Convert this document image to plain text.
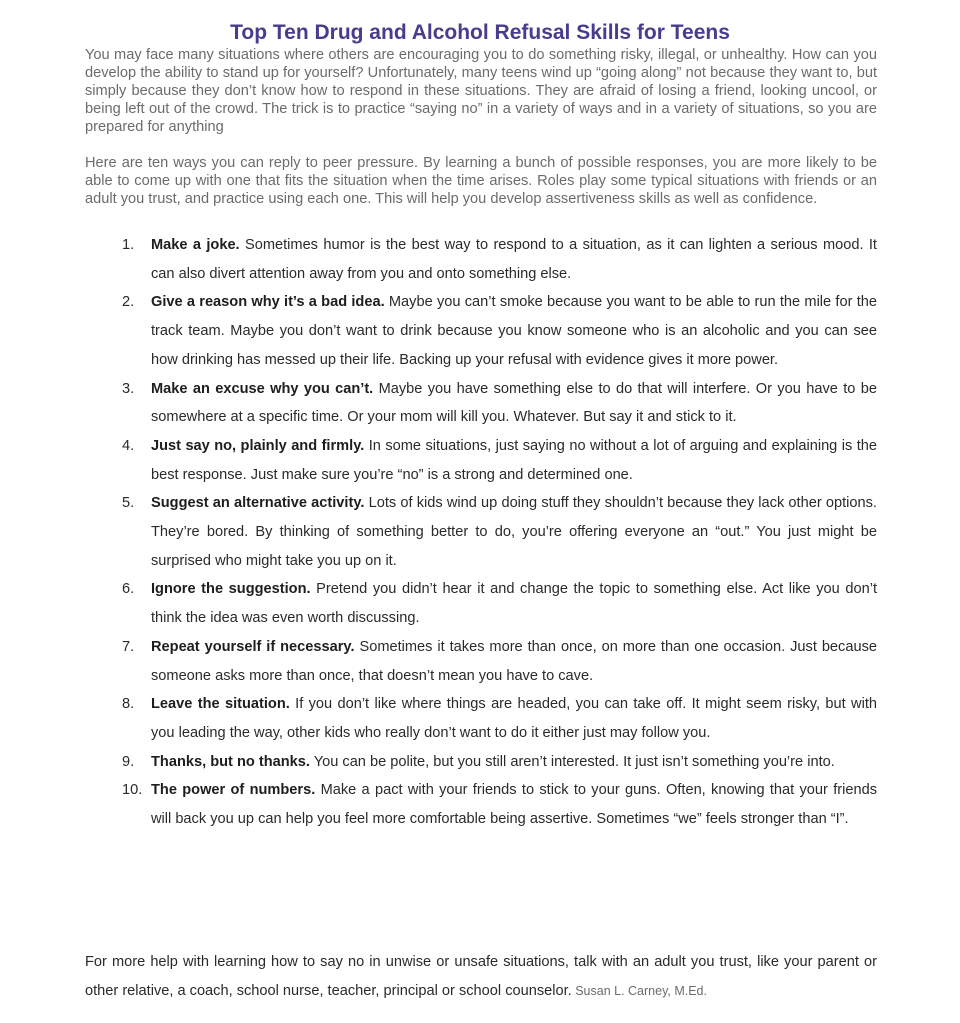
Top Ten Drug and Alcohol Refusal Skills for Teens

You may face many situations where others are encouraging you to do something risky, illegal, or unhealthy. How can you develop the ability to stand up for yourself? Unfortunately, many teens wind up “going along” not because they want to, but simply because they don’t know how to respond in these situations. They are afraid of losing a friend, looking uncool, or being left out of the crowd. The trick is to practice “saying no” in a variety of ways and in a variety of situations, so you are prepared for anything

Here are ten ways you can reply to peer pressure. By learning a bunch of possible responses, you are more likely to be able to come up with one that fits the situation when the time arises. Roles play some typical situations with friends or an adult you trust, and practice using each one. This will help you develop assertiveness skills as well as confidence.

1.	Make a joke. Sometimes humor is the best way to respond to a situation, as it can lighten a serious mood. It can also divert attention away from you and onto something else.
2.	Give a reason why it’s a bad idea. Maybe you can’t smoke because you want to be able to run the mile for the track team. Maybe you don’t want to drink because you know someone who is an alcoholic and you can see how drinking has messed up their life. Backing up your refusal with evidence gives it more power.
3.	Make an excuse why you can’t. Maybe you have something else to do that will interfere. Or you have to be somewhere at a specific time. Or your mom will kill you. Whatever. But say it and stick to it.
4.	Just say no, plainly and firmly. In some situations, just saying no without a lot of arguing and explaining is the best response. Just make sure you’re “no” is a strong and determined one.
5.	Suggest an alternative activity. Lots of kids wind up doing stuff they shouldn’t because they lack other options. They’re bored. By thinking of something better to do, you’re offering everyone an “out.” You just might be surprised who might take you up on it.
6.	Ignore the suggestion. Pretend you didn’t hear it and change the topic to something else. Act like you don’t think the idea was even worth discussing.
7.	Repeat yourself if necessary. Sometimes it takes more than once, on more than one occasion. Just because someone asks more than once, that doesn’t mean you have to cave.
8.	Leave the situation. If you don’t like where things are headed, you can take off. It might seem risky, but with you leading the way, other kids who really don’t want to do it either just may follow you.
9.	Thanks, but no thanks. You can be polite, but you still aren’t interested. It just isn’t something you’re into.
10. The power of numbers. Make a pact with your friends to stick to your guns. Often, knowing that your friends will back you up can help you feel more comfortable being assertive. Sometimes “we” feels stronger than “I”.

For more help with learning how to say no in unwise or unsafe situations, talk with an adult you trust, like your parent or other relative, a coach, school nurse, teacher, principal or school counselor. Susan L. Carney, M.Ed.
